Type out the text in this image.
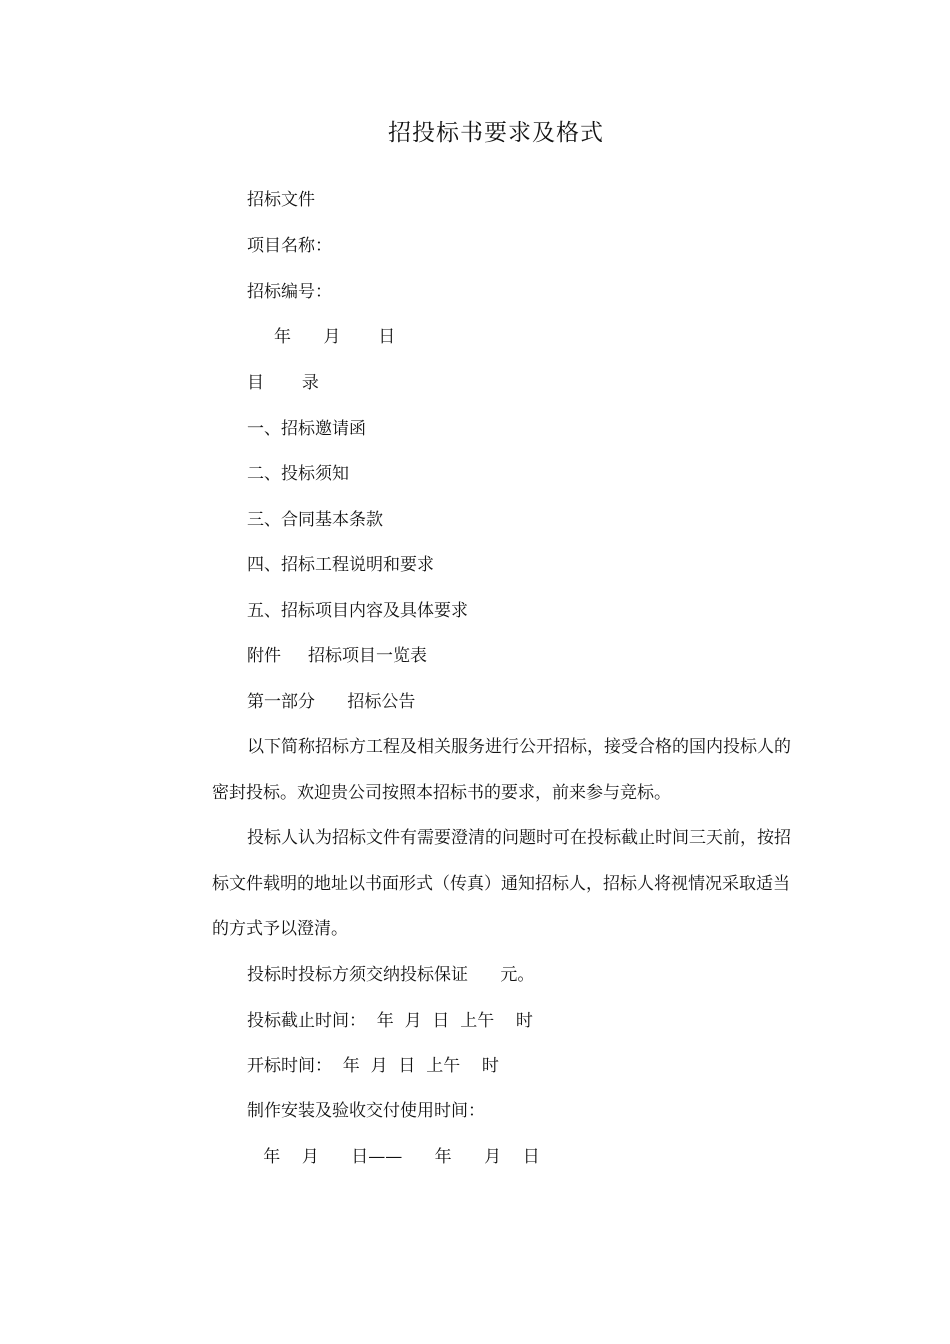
招投标书要求及格式
招标文件
项目名称：
招标编号：
年      月       日
目       录
一、招标邀请函
二、投标须知
三、合同基本条款
四、招标工程说明和要求
五、招标项目内容及具体要求
附件     招标项目一览表
第一部分      招标公告
以下简称招标方工程及相关服务进行公开招标，接受合格的国内投标人的
密封投标。欢迎贵公司按照本招标书的要求，前来参与竞标。
投标人认为招标文件有需要澄清的问题时可在投标截止时间三天前，按招
标文件载明的地址以书面形式（传真）通知招标人，招标人将视情况采取适当
的方式予以澄清。
投标时投标方须交纳投标保证      元。
投标截止时间：  年  月  日  上午    时
开标时间：  年  月  日  上午    时
制作安装及验收交付使用时间：
年    月      日——      年      月    日
